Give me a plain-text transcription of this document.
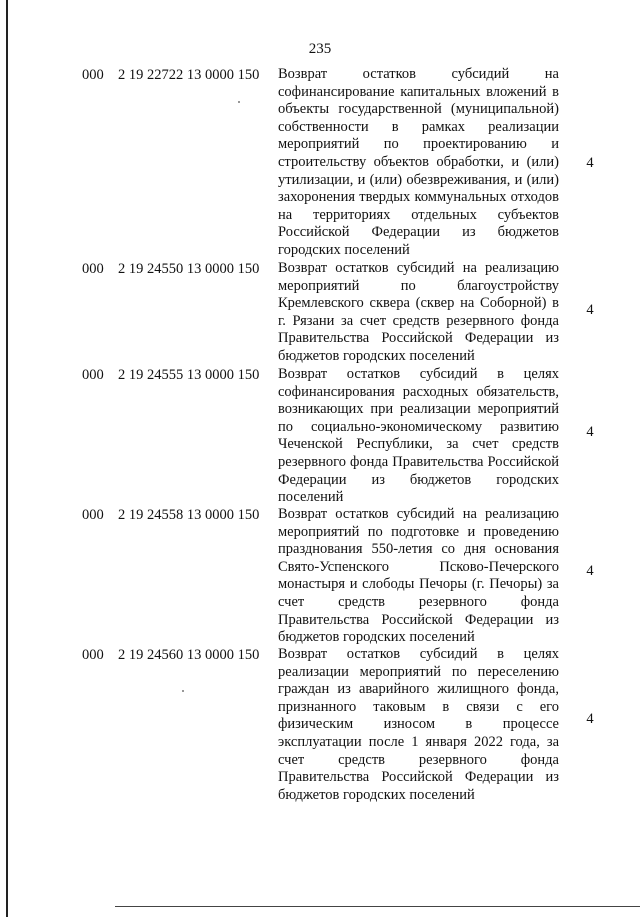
235
000 2 19 22722 13 0000 150 Возврат остатков субсидий на софинансирование капитальных вложений в объекты государственной (муниципальной) собственности в рамках реализации мероприятий по проектированию и строительству объектов обработки, и (или) утилизации, и (или) обезвреживания, и (или) захоронения твердых коммунальных отходов на территориях отдельных субъектов Российской Федерации из бюджетов городских поселений
4
000 2 19 24550 13 0000 150 Возврат остатков субсидий на реализацию мероприятий по благоустройству Кремлевского сквера (сквер на Соборной) в г. Рязани за счет средств резервного фонда Правительства Российской Федерации из бюджетов городских поселений
4
000 2 19 24555 13 0000 150 Возврат остатков субсидий в целях софинансирования расходных обязательств, возникающих при реализации мероприятий по социально-экономическому развитию Чеченской Республики, за счет средств резервного фонда Правительства Российской Федерации из бюджетов городских поселений
4
000 2 19 24558 13 0000 150 Возврат остатков субсидий на реализацию мероприятий по подготовке и проведению празднования 550-летия со дня основания Свято-Успенского Псково-Печерского монастыря и слободы Печоры (г. Печоры) за счет средств резервного фонда Правительства Российской Федерации из бюджетов городских поселений
4
000 2 19 24560 13 0000 150 Возврат остатков субсидий в целях реализации мероприятий по переселению граждан из аварийного жилищного фонда, признанного таковым в связи с его физическим износом в процессе эксплуатации после 1 января 2022 года, за счет средств резервного фонда Правительства Российской Федерации из бюджетов городских поселений
4
